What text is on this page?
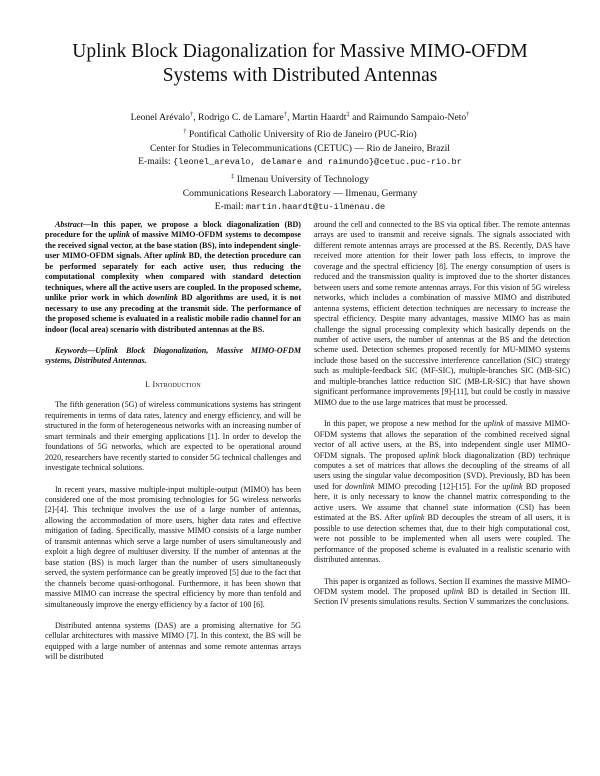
Uplink Block Diagonalization for Massive MIMO-OFDM
Systems with Distributed Antennas
Leonel Arévalo†, Rodrigo C. de Lamare†, Martin Haardt‡ and Raimundo Sampaio-Neto†
† Pontifical Catholic University of Rio de Janeiro (PUC-Rio)
Center for Studies in Telecommunications (CETUC) — Rio de Janeiro, Brazil
E-mails: {leonel_arevalo, delamare and raimundo}@cetuc.puc-rio.br
‡ Ilmenau University of Technology
Communications Research Laboratory — Ilmenau, Germany
E-mail: martin.haardt@tu-ilmenau.de

Abstract—In this paper, we propose a block diagonalization (BD) procedure for the uplink of massive MIMO-OFDM systems to decompose the received signal vector, at the base station (BS), into independent single-user MIMO-OFDM signals. After uplink BD, the detection procedure can be performed separately for each active user, thus reducing the computational complexity when compared with standard detection techniques, where all the active users are coupled. In the proposed scheme, unlike prior work in which downlink BD algorithms are used, it is not necessary to use any precoding at the transmit side. The performance of the proposed scheme is evaluated in a realistic mobile radio channel for an indoor (local area) scenario with distributed antennas at the BS.

Keywords—Uplink Block Diagonalization, Massive MIMO-OFDM systems, Distributed Antennas.

I. Introduction

The fifth generation (5G) of wireless communications systems has stringent requirements in terms of data rates, latency and energy efficiency, and will be structured in the form of heterogeneous networks with an increasing number of smart terminals and their emerging applications [1]. In order to develop the foundations of 5G networks, which are expected to be operational around 2020, researchers have recently started to consider 5G technical challenges and investigate technical solutions.

In recent years, massive multiple-input multiple-output (MIMO) has been considered one of the most promising technologies for 5G wireless networks [2]-[4]. This technique involves the use of a large number of antennas, allowing the accommodation of more users, higher data rates and effective mitigation of fading. Specifically, massive MIMO consists of a large number of transmit antennas which serve a large number of users simultaneously and exploit a high degree of multiuser diversity. If the number of antennas at the base station (BS) is much larger than the number of users simultaneously served, the system performance can be greatly improved [5] due to the fact that the channels become quasi-orthogonal. Furthermore, it has been shown that massive MIMO can increase the spectral efficiency by more than tenfold and simultaneously improve the energy efficiency by a factor of 100 [6].

Distributed antenna systems (DAS) are a promising alternative for 5G cellular architectures with massive MIMO [7]. In this context, the BS will be equipped with a large number of antennas and some remote antennas arrays will be distributed

around the cell and connected to the BS via optical fiber. The remote antennas arrays are used to transmit and receive signals. The signals associated with different remote antennas arrays are processed at the BS. Recently, DAS have received more attention for their lower path loss effects, to improve the coverage and the spectral efficiency [8]. The energy consumption of users is reduced and the transmission quality is improved due to the shorter distances between users and some remote antennas arrays. For this vision of 5G wireless networks, which includes a combination of massive MIMO and distributed antenna systems, efficient detection techniques are necessary to increase the spectral efficiency. Despite many advantages, massive MIMO has as main challenge the signal processing complexity which basically depends on the number of active users, the number of antennas at the BS and the detection scheme used. Detection schemes proposed recently for MU-MIMO systems include those based on the successive interference cancellation (SIC) strategy such as multiple-feedback SIC (MF-SIC), multiple-branches SIC (MB-SIC) and multiple-branches lattice reduction SIC (MB-LR-SIC) that have shown significant performance improvements [9]-[11], but could be costly in massive MIMO due to the use large matrices that must be processed.

In this paper, we propose a new method for the uplink of massive MIMO-OFDM systems that allows the separation of the combined received signal vector of all active users, at the BS, into independent single user MIMO-OFDM signals. The proposed uplink block diagonalization (BD) technique computes a set of matrices that allows the decoupling of the streams of all users using the singular value decomposition (SVD). Previously, BD has been used for downlink MIMO precoding [12]-[15]. For the uplink BD proposed here, it is only necessary to know the channel matrix corresponding to the active users. We assume that channel state information (CSI) has been estimated at the BS. After uplink BD decouples the stream of all users, it is possible to use detection schemes that, due to their high computational cost, were not possible to be implemented when all users were coupled. The performance of the proposed scheme is evaluated in a realistic scenario with distributed antennas.

This paper is organized as follows. Section II examines the massive MIMO-OFDM system model. The proposed uplink BD is detailed in Section III. Section IV presents simulations results. Section V summarizes the conclusions.
